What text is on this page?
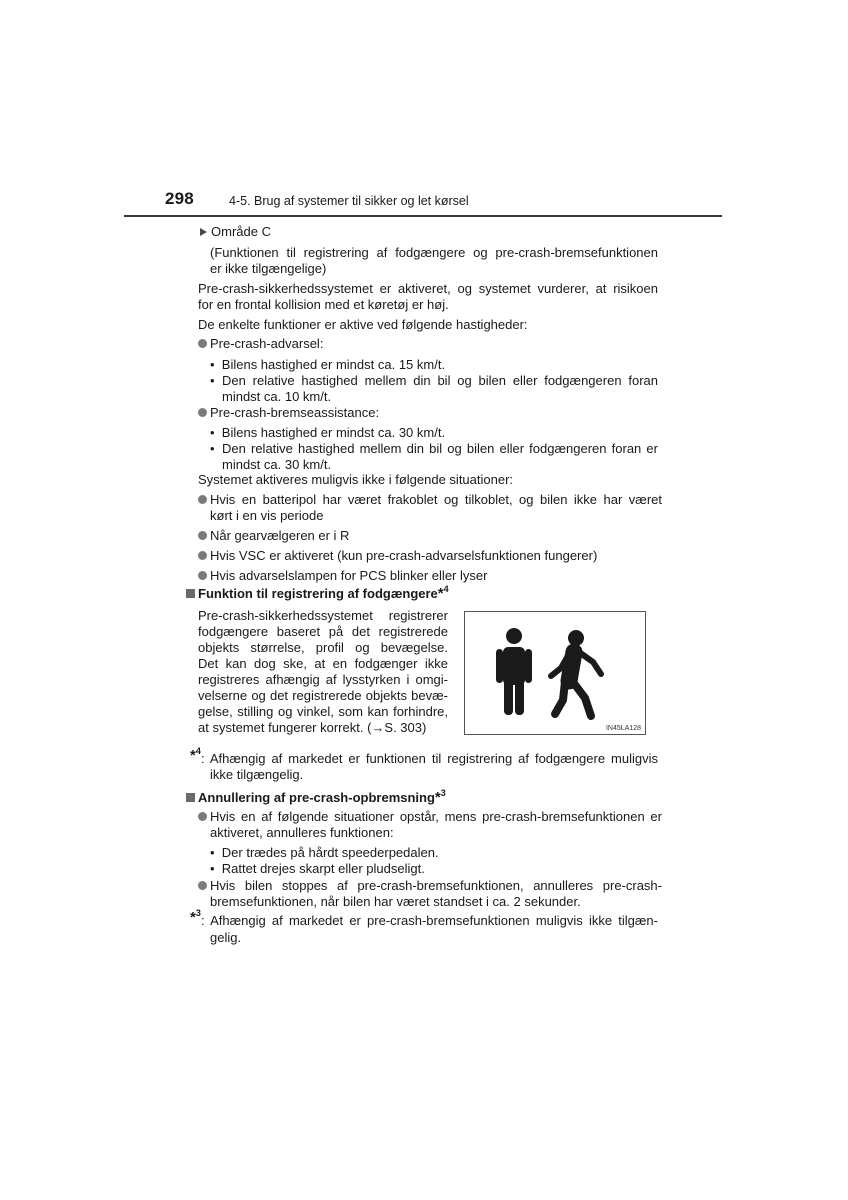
298	4-5. Brug af systemer til sikker og let kørsel
Område C
(Funktionen til registrering af fodgængere og pre-crash-bremsefunktionen
er ikke tilgængelige)
Pre-crash-sikkerhedssystemet er aktiveret, og systemet vurderer, at risikoen
for en frontal kollision med et køretøj er høj.
De enkelte funktioner er aktive ved følgende hastigheder:
Pre-crash-advarsel:
•  Bilens hastighed er mindst ca. 15 km/t.
• Den relative hastighed mellem din bil og bilen eller fodgængeren foran
mindst ca. 10 km/t.
Pre-crash-bremseassistance:
•  Bilens hastighed er mindst ca. 30 km/t.
• Den relative hastighed mellem din bil og bilen eller fodgængeren foran er
mindst ca. 30 km/t.
Systemet aktiveres muligvis ikke i følgende situationer:
Hvis en batteripol har været frakoblet og tilkoblet, og bilen ikke har været
kørt i en vis periode
Når gearvælgeren er i R
Hvis VSC er aktiveret (kun pre-crash-advarselsfunktionen fungerer)
Hvis advarselslampen for PCS blinker eller lyser
Funktion til registrering af fodgængere*$^4$
Pre-crash-sikkerhedssystemet registrerer
fodgængere baseret på det registrerede
objekts størrelse, profil og bevægelse.
Det kan dog ske, at en fodgænger ikke
registreres afhængig af lysstyrken i omgi-
velserne og det registrerede objekts bevæ-
gelse, stilling og vinkel, som kan forhindre,
at systemet fungerer korrekt. (→S. 303)	IN45LA128
*$^4$ : Afhængig af markedet er funktionen til registrering af fodgængere muligvis
ikke tilgængelig.
Annullering af pre-crash-opbremsning*$^3$
Hvis en af følgende situationer opstår, mens pre-crash-bremsefunktionen er
aktiveret, annulleres funktionen:
•  Der trædes på hårdt speederpedalen.
•  Rattet drejes skarpt eller pludseligt.
Hvis bilen stoppes af pre-crash-bremsefunktionen, annulleres pre-crash-
bremsefunktionen, når bilen har været standset i ca. 2 sekunder.
*$^3$ : Afhængig af markedet er pre-crash-bremsefunktionen muligvis ikke tilgæn-
gelig.
